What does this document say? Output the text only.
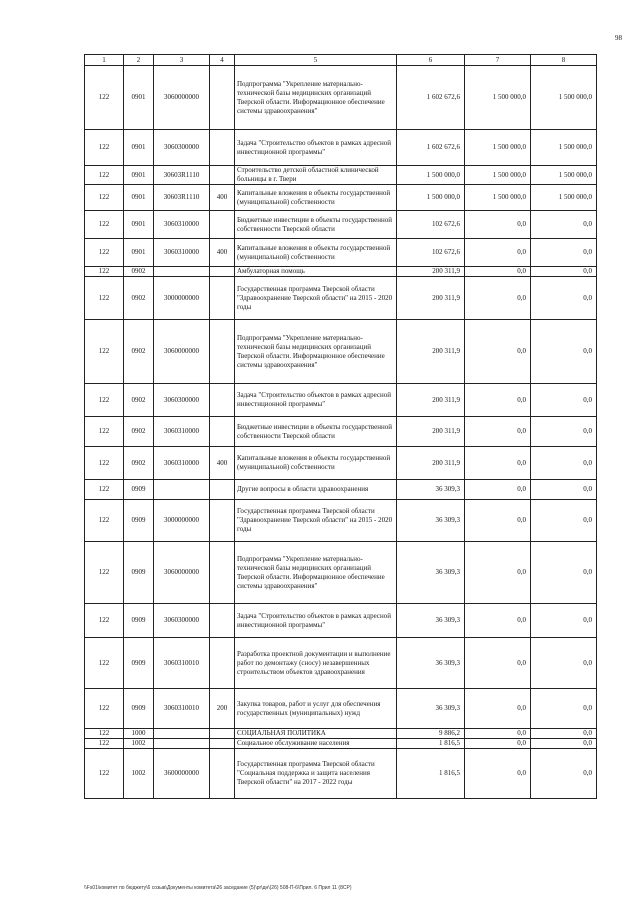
98
1	2	3	4	5	6	7	8
122	0901	3060000000		Подпрограмма "Укрепление материально-технической базы медицинских организаций Тверской области. Информационное обеспечение системы здравоохранения"	1 602 672,6	1 500 000,0	1 500 000,0
122	0901	3060300000		Задача "Строительство объектов в рамках адресной инвестиционной программы"	1 602 672,6	1 500 000,0	1 500 000,0
122	0901	30603R1110		Строительство детской областной клинической больницы в г. Твери	1 500 000,0	1 500 000,0	1 500 000,0
122	0901	30603R1110	400	Капитальные вложения в объекты государственной (муниципальной) собственности	1 500 000,0	1 500 000,0	1 500 000,0
122	0901	3060310000		Бюджетные инвестиции в объекты государственной собственности Тверской области	102 672,6	0,0	0,0
122	0901	3060310000	400	Капитальные вложения в объекты государственной (муниципальной) собственности	102 672,6	0,0	0,0
122	0902			Амбулаторная помощь	200 311,9	0,0	0,0
122	0902	3000000000		Государственная программа Тверской области "Здравоохранение Тверской области" на 2015 - 2020 годы	200 311,9	0,0	0,0
122	0902	3060000000		Подпрограмма "Укрепление материально-технической базы медицинских организаций Тверской области. Информационное обеспечение системы здравоохранения"	200 311,9	0,0	0,0
122	0902	3060300000		Задача "Строительство объектов в рамках адресной инвестиционной программы"	200 311,9	0,0	0,0
122	0902	3060310000		Бюджетные инвестиции в объекты государственной собственности Тверской области	200 311,9	0,0	0,0
122	0902	3060310000	400	Капитальные вложения в объекты государственной (муниципальной) собственности	200 311,9	0,0	0,0
122	0909			Другие вопросы в области здравоохранения	36 309,3	0,0	0,0
122	0909	3000000000		Государственная программа Тверской области "Здравоохранение Тверской области" на 2015 - 2020 годы	36 309,3	0,0	0,0
122	0909	3060000000		Подпрограмма "Укрепление материально-технической базы медицинских организаций Тверской области. Информационное обеспечение системы здравоохранения"	36 309,3	0,0	0,0
122	0909	3060300000		Задача "Строительство объектов в рамках адресной инвестиционной программы"	36 309,3	0,0	0,0
122	0909	3060310010		Разработка проектной документации и выполнение работ по демонтажу (сносу) незавершенных строительством объектов здравоохранения	36 309,3	0,0	0,0
122	0909	3060310010	200	Закупка товаров, работ и услуг для обеспечения государственных (муниципальных) нужд	36 309,3	0,0	0,0
122	1000			СОЦИАЛЬНАЯ ПОЛИТИКА	9 886,2	0,0	0,0
122	1002			Социальное обслуживание населения	1 816,5	0,0	0,0
122	1002	3600000000		Государственная программа Тверской области "Социальная поддержка и защита населения Тверской области" на 2017 - 2022 годы	1 816,5	0,0	0,0
\\Fs01\комитет по бюджету\6 созыв\Документы комитета\26 заседание (5)\pr\дн\(26) 508-П-6\Прил. 6 Прил 11 (8СР)
